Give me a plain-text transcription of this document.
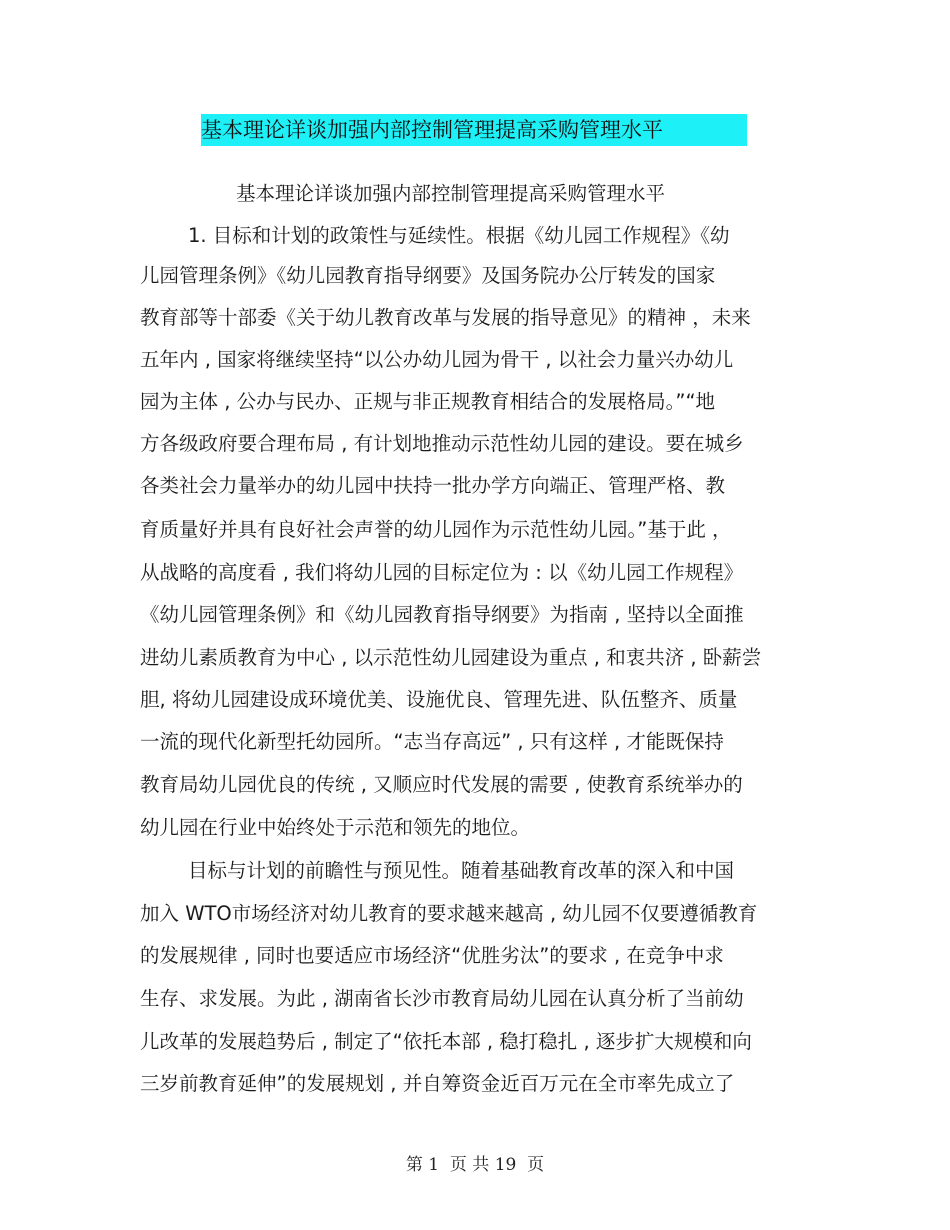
基本理论详谈加强内部控制管理提高采购管理水平
基本理论详谈加强内部控制管理提高采购管理水平
1. 目标和计划的政策性与延续性。根据《幼儿园工作规程》《幼
儿园管理条例》《幼儿园教育指导纲要》及国务院办公厅转发的国家
教育部等十部委《关于幼儿教育改革与发展的指导意见》的精神 ，未来
五年内 , 国家将继续坚持“以公办幼儿园为骨干 , 以社会力量兴办幼儿
园为主体 , 公办与民办、正规与非正规教育相结合的发展格局。”“地
方各级政府要合理布局 , 有计划地推动示范性幼儿园的建设。要在城乡
各类社会力量举办的幼儿园中扶持一批办学方向端正、管理严格、教
育质量好并具有良好社会声誉的幼儿园作为示范性幼儿园。”基于此 ，
从战略的高度看 , 我们将幼儿园的目标定位为 : 以《幼儿园工作规程》
《幼儿园管理条例》和《幼儿园教育指导纲要》为指南 , 坚持以全面推
进幼儿素质教育为中心 , 以示范性幼儿园建设为重点 , 和衷共济 , 卧薪尝
胆, 将幼儿园建设成环境优美、设施优良、管理先进、队伍整齐、质量
一流的现代化新型托幼园所。“志当存高远” , 只有这样 , 才能既保持
教育局幼儿园优良的传统 , 又顺应时代发展的需要 , 使教育系统举办的
幼儿园在行业中始终处于示范和领先的地位。
目标与计划的前瞻性与预见性。随着基础教育改革的深入和中国
加入 WTO市场经济对幼儿教育的要求越来越高 , 幼儿园不仅要遵循教育
的发展规律 , 同时也要适应市场经济“优胜劣汰”的要求 , 在竞争中求
生存、求发展。为此 , 湖南省长沙市教育局幼儿园在认真分析了当前幼
儿改革的发展趋势后 , 制定了“依托本部 , 稳打稳扎 , 逐步扩大规模和向
三岁前教育延伸”的发展规划 , 并自筹资金近百万元在全市率先成立了
第 1  页 共 19  页
